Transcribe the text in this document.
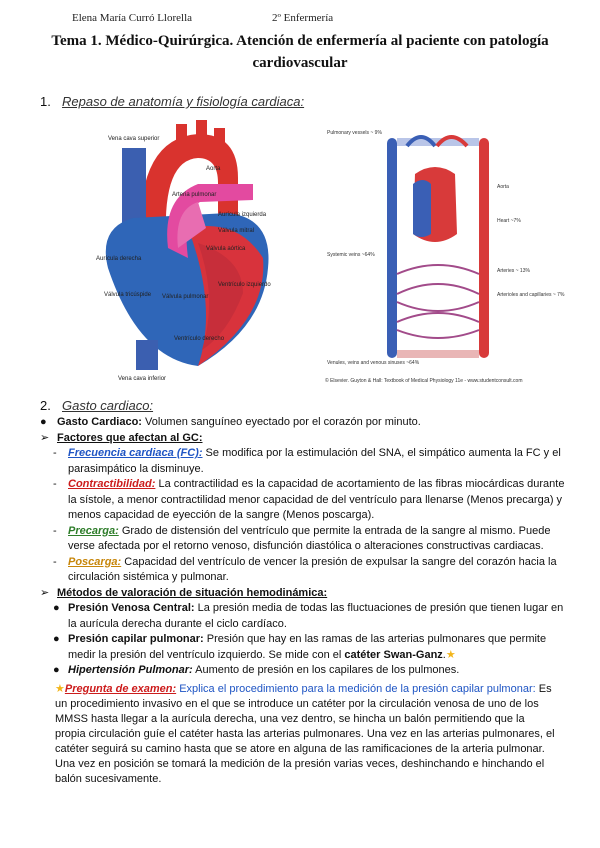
Elena María Curró Llorella	2º Enfermería
Tema 1. Médico-Quirúrgica. Atención de enfermería al paciente con patología cardiovascular
1. Repaso de anatomía y fisiología cardiaca:
Vena cava superior
Aorta
Arteria pulmonar
Aurícula izquierda
Válvula mitral
Aurícula derecha
Válvula aórtica
Válvula tricúspide Válvula pulmonar
Ventrículo izquierdo
Ventrículo derecho
Vena cava inferior
Pulmonary vessels ~ 9%
Aorta
Heart ~7%
Systemic veins ~64%
Arteries ~ 13%
Arterioles and capillaries ~ 7%
Venules, veins and venous sinuses ~64%
© Elsevier. Guyton & Hall: Textbook of Medical Physiology 11e - www.studentconsult.com
2. Gasto cardiaco:
● Gasto Cardiaco: Volumen sanguíneo eyectado por el corazón por minuto.
➢ Factores que afectan al GC:
- Frecuencia cardiaca (FC): Se modifica por la estimulación del SNA, el simpático aumenta la FC y el parasimpático la disminuye.
- Contractibilidad: La contractilidad es la capacidad de acortamiento de las fibras miocárdicas durante la sístole, a menor contractilidad menor capacidad de del ventrículo para llenarse (Menos precarga) y menos capacidad de eyección de la sangre (Menos poscarga).
- Precarga: Grado de distensión del ventrículo que permite la entrada de la sangre al mismo. Puede verse afectada por el retorno venoso, disfunción diastólica o alteraciones constructivas cardiacas.
- Poscarga: Capacidad del ventrículo de vencer la presión de expulsar la sangre del corazón hacia la circulación sistémica y pulmonar.
➢ Métodos de valoración de situación hemodinámica:
● Presión Venosa Central: La presión media de todas las fluctuaciones de presión que tienen lugar en la aurícula derecha durante el ciclo cardíaco.
● Presión capilar pulmonar: Presión que hay en las ramas de las arterias pulmonares que permite medir la presión del ventrículo izquierdo. Se mide con el catéter Swan-Ganz.★
● Hipertensión Pulmonar: Aumento de presión en los capilares de los pulmones.
★Pregunta de examen: Explica el procedimiento para la medición de la presión capilar pulmonar: Es un procedimiento invasivo en el que se introduce un catéter por la circulación venosa de uno de los MMSS hasta llegar a la aurícula derecha, una vez dentro, se hincha un balón permitiendo que la propia circulación guíe el catéter hasta las arterias pulmonares. Una vez en las arterias pulmonares, el catéter seguirá su camino hasta que se atore en alguna de las ramificaciones de la arteria pulmonar. Una vez en posición se tomará la medición de la presión varias veces, deshinchando e hinchando el balón sucesivamente.
